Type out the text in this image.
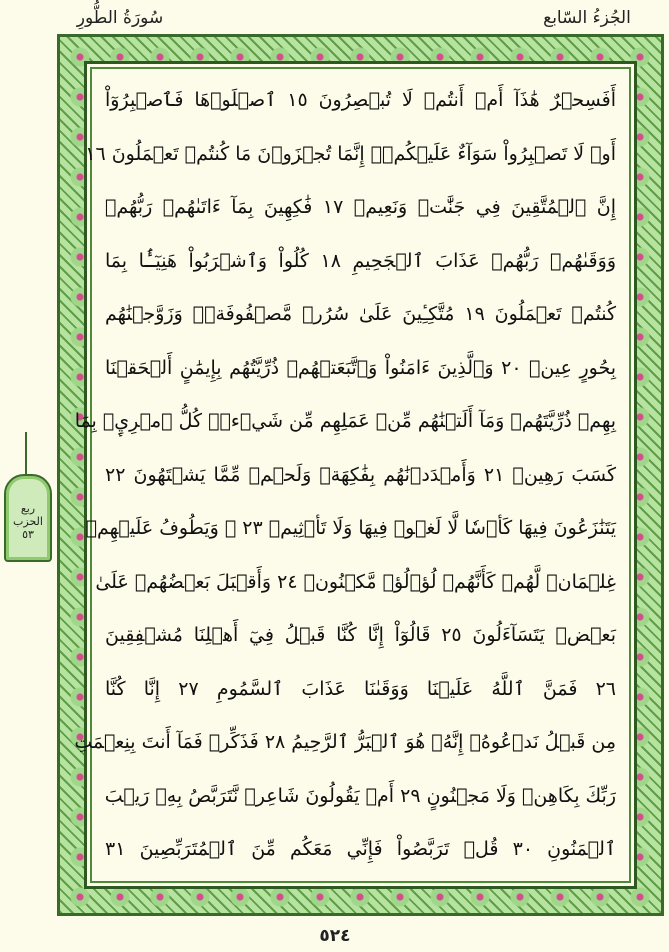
الجُزءُ السّابع
سُورَةُ الطُّورِ
ربع
الحزب
٥٣
أَفَسِحۡرٌ هَٰذَآ أَمۡ أَنتُمۡ لَا تُبۡصِرُونَ ١٥ ٱصۡلَوۡهَا فَٱصۡبِرُوٓاْ
أَوۡ لَا تَصۡبِرُواْ سَوَآءٌ عَلَيۡكُمۡۖ إِنَّمَا تُجۡزَوۡنَ مَا كُنتُمۡ تَعۡمَلُونَ ١٦
إِنَّ ٱلۡمُتَّقِينَ فِي جَنَّٰتٖ وَنَعِيمٖ ١٧ فَٰكِهِينَ بِمَآ ءَاتَىٰهُمۡ رَبُّهُمۡ
وَوَقَىٰهُمۡ رَبُّهُمۡ عَذَابَ ٱلۡجَحِيمِ ١٨ كُلُواْ وَٱشۡرَبُواْ هَنِيٓـَٔۢا بِمَا
كُنتُمۡ تَعۡمَلُونَ ١٩ مُتَّكِـِٔينَ عَلَىٰ سُرُرٖ مَّصۡفُوفَةٖۖ وَزَوَّجۡنَٰهُم
بِحُورٍ عِينٖ ٢٠ وَٱلَّذِينَ ءَامَنُواْ وَٱتَّبَعَتۡهُمۡ ذُرِّيَّتُهُم بِإِيمَٰنٍ أَلۡحَقۡنَا
بِهِمۡ ذُرِّيَّتَهُمۡ وَمَآ أَلَتۡنَٰهُم مِّنۡ عَمَلِهِم مِّن شَيۡءٖۚ كُلُّ ٱمۡرِيِٕۭ بِمَا
كَسَبَ رَهِينٞ ٢١ وَأَمۡدَدۡنَٰهُم بِفَٰكِهَةٖ وَلَحۡمٖ مِّمَّا يَشۡتَهُونَ ٢٢
يَتَنَٰزَعُونَ فِيهَا كَأۡسٗا لَّا لَغۡوٞ فِيهَا وَلَا تَأۡثِيمٞ ٢٣ ۞ وَيَطُوفُ عَلَيۡهِمۡ
غِلۡمَانٞ لَّهُمۡ كَأَنَّهُمۡ لُؤۡلُؤٞ مَّكۡنُونٞ ٢٤ وَأَقۡبَلَ بَعۡضُهُمۡ عَلَىٰ
بَعۡضٖ يَتَسَآءَلُونَ ٢٥ قَالُوٓاْ إِنَّا كُنَّا قَبۡلُ فِيٓ أَهۡلِنَا مُشۡفِقِينَ
٢٦ فَمَنَّ ٱللَّهُ عَلَيۡنَا وَوَقَىٰنَا عَذَابَ ٱلسَّمُومِ ٢٧ إِنَّا كُنَّا
مِن قَبۡلُ نَدۡعُوهُۖ إِنَّهُۥ هُوَ ٱلۡبَرُّ ٱلرَّحِيمُ ٢٨ فَذَكِّرۡ فَمَآ أَنتَ بِنِعۡمَتِ
رَبِّكَ بِكَاهِنٖ وَلَا مَجۡنُونٍ ٢٩ أَمۡ يَقُولُونَ شَاعِرٞ نَّتَرَبَّصُ بِهِۦ رَيۡبَ
ٱلۡمَنُونِ ٣٠ قُلۡ تَرَبَّصُواْ فَإِنِّي مَعَكُم مِّنَ ٱلۡمُتَرَبِّصِينَ ٣١
٥٢٤
